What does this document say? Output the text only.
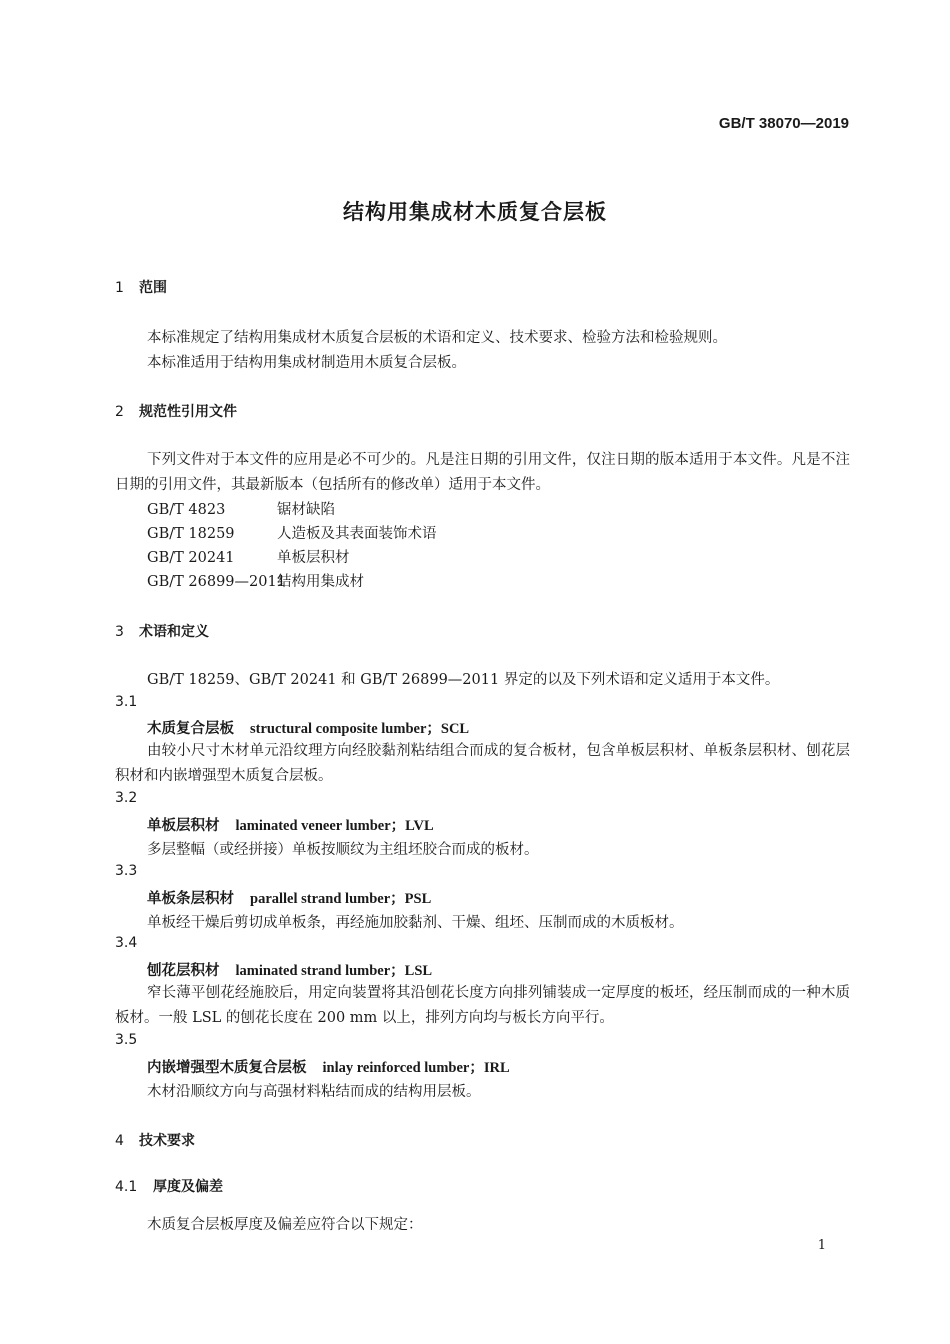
GB/T 38070—2019
结构用集成材木质复合层板
1 范围
本标准规定了结构用集成材木质复合层板的术语和定义、技术要求、检验方法和检验规则。
本标准适用于结构用集成材制造用木质复合层板。
2 规范性引用文件
下列文件对于本文件的应用是必不可少的。凡是注日期的引用文件，仅注日期的版本适用于本文件。凡是不注日期的引用文件，其最新版本（包括所有的修改单）适用于本文件。
GB/T 4823	锯材缺陷
GB/T 18259	人造板及其表面装饰术语
GB/T 20241	单板层积材
GB/T 26899—2011结构用集成材
3 术语和定义
GB/T 18259、GB/T 20241 和 GB/T 26899—2011 界定的以及下列术语和定义适用于本文件。
3.1
木质复合层板 structural composite lumber；SCL
由较小尺寸木材单元沿纹理方向经胶黏剂粘结组合而成的复合板材，包含单板层积材、单板条层积材、刨花层积材和内嵌增强型木质复合层板。
3.2
单板层积材 laminated veneer lumber；LVL
多层整幅（或经拼接）单板按顺纹为主组坯胶合而成的板材。
3.3
单板条层积材 parallel strand lumber；PSL
单板经干燥后剪切成单板条，再经施加胶黏剂、干燥、组坯、压制而成的木质板材。
3.4
刨花层积材 laminated strand lumber；LSL
窄长薄平刨花经施胶后，用定向装置将其沿刨花长度方向排列铺装成一定厚度的板坯，经压制而成的一种木质板材。一般 LSL 的刨花长度在 200 mm 以上，排列方向均与板长方向平行。
3.5
内嵌增强型木质复合层板 inlay reinforced lumber；IRL
木材沿顺纹方向与高强材料粘结而成的结构用层板。
4 技术要求
4.1 厚度及偏差
木质复合层板厚度及偏差应符合以下规定：
1
